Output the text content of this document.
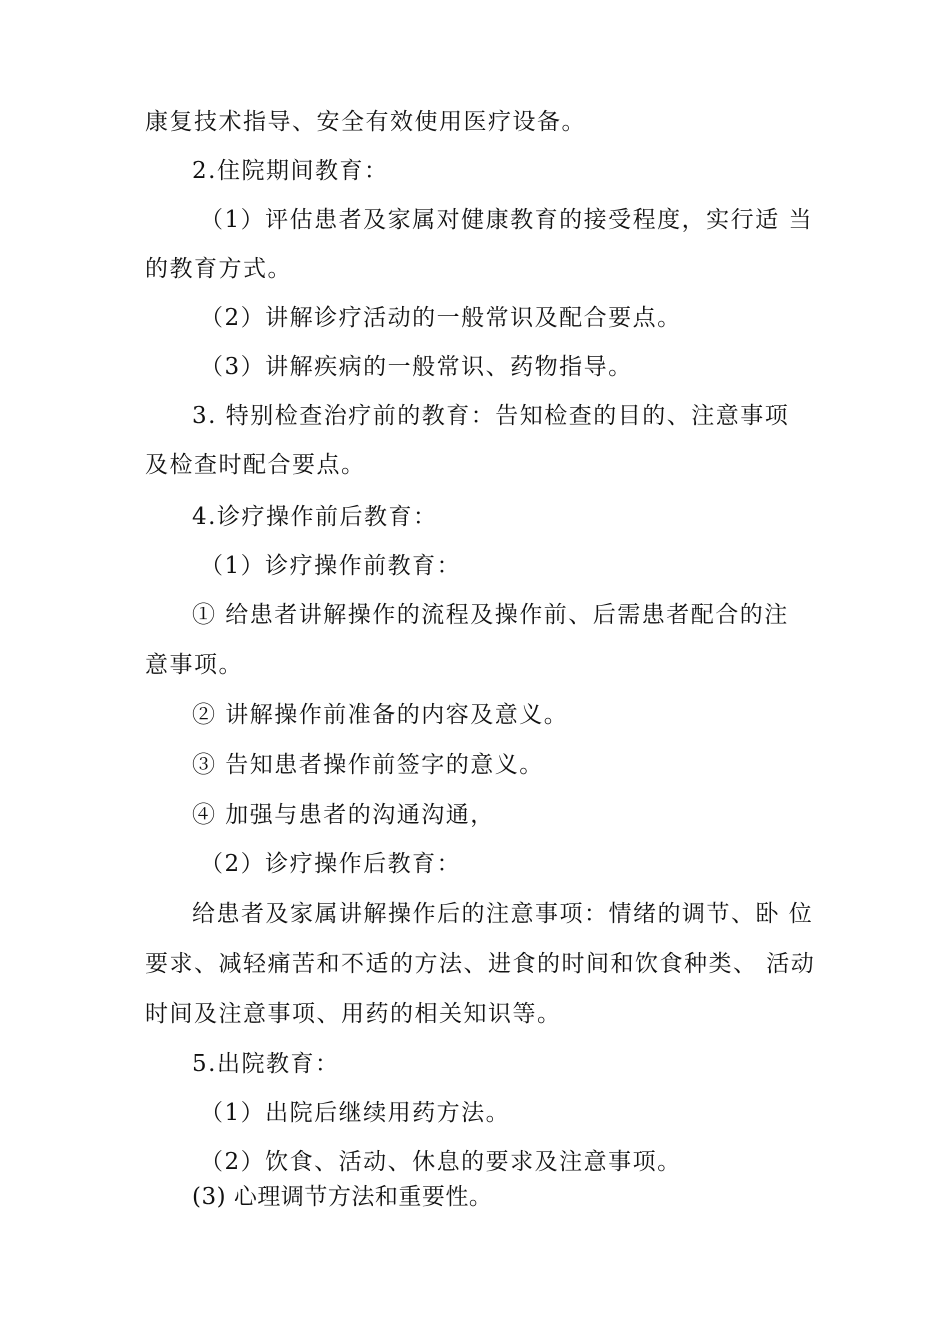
康复技术指导、安全有效使用医疗设备。
2.住院期间教育：
（1）评估患者及家属对健康教育的接受程度，实行适 当
的教育方式。
（2）讲解诊疗活动的一般常识及配合要点。
（3）讲解疾病的一般常识、药物指导。
3. 特别检查治疗前的教育：告知检查的目的、注意事项
及检查时配合要点。
4.诊疗操作前后教育：
（1）诊疗操作前教育：
① 给患者讲解操作的流程及操作前、后需患者配合的注
意事项。
② 讲解操作前准备的内容及意义。
③ 告知患者操作前签字的意义。
④ 加强与患者的沟通沟通，
（2）诊疗操作后教育：
给患者及家属讲解操作后的注意事项：情绪的调节、卧 位
要求、减轻痛苦和不适的方法、进食的时间和饮食种类、 活动
时间及注意事项、用药的相关知识等。
5.出院教育：
（1）出院后继续用药方法。
（2）饮食、活动、休息的要求及注意事项。
(3) 心理调节方法和重要性。
